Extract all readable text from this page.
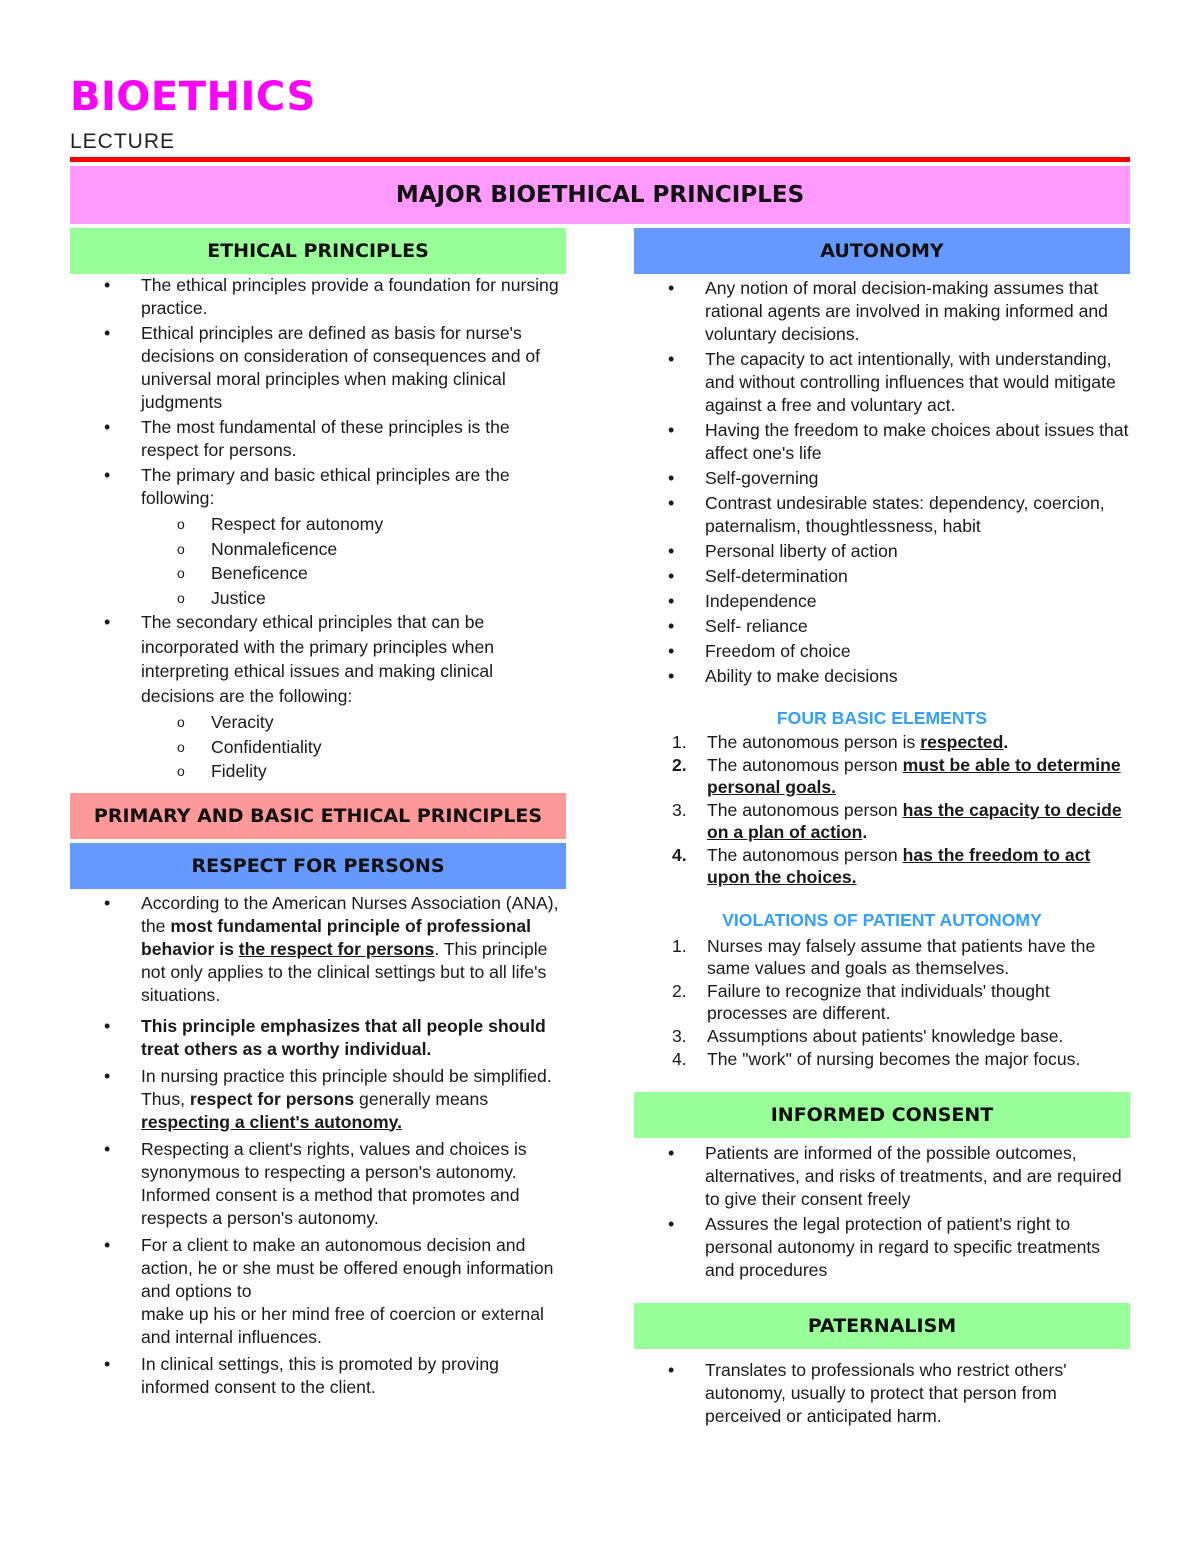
BIOETHICS
LECTURE
MAJOR BIOETHICAL PRINCIPLES
ETHICAL PRINCIPLES
• The ethical principles provide a foundation for nursing practice.
• Ethical principles are defined as basis for nurse's decisions on consideration of consequences and of universal moral principles when making clinical judgments
• The most fundamental of these principles is the respect for persons.
• The primary and basic ethical principles are the following:
o Respect for autonomy
o Nonmaleficence
o Beneficence
o Justice
• The secondary ethical principles that can be incorporated with the primary principles when interpreting ethical issues and making clinical decisions are the following:
o Veracity
o Confidentiality
o Fidelity
PRIMARY AND BASIC ETHICAL PRINCIPLES
RESPECT FOR PERSONS
• According to the American Nurses Association (ANA), the most fundamental principle of professional behavior is the respect for persons. This principle not only applies to the clinical settings but to all life's situations.
• This principle emphasizes that all people should treat others as a worthy individual.
• In nursing practice this principle should be simplified. Thus, respect for persons generally means respecting a client's autonomy.
• Respecting a client's rights, values and choices is synonymous to respecting a person's autonomy. Informed consent is a method that promotes and respects a person's autonomy.
• For a client to make an autonomous decision and action, he or she must be offered enough information and options to
make up his or her mind free of coercion or external and internal influences.
• In clinical settings, this is promoted by proving informed consent to the client.
AUTONOMY
• Any notion of moral decision-making assumes that rational agents are involved in making informed and voluntary decisions.
• The capacity to act intentionally, with understanding, and without controlling influences that would mitigate against a free and voluntary act.
• Having the freedom to make choices about issues that affect one's life
• Self-governing
• Contrast undesirable states: dependency, coercion, paternalism, thoughtlessness, habit
• Personal liberty of action
• Self-determination
• Independence
• Self- reliance
• Freedom of choice
• Ability to make decisions

FOUR BASIC ELEMENTS

1. The autonomous person is respected.
2. The autonomous person must be able to determine personal goals.
3. The autonomous person has the capacity to decide on a plan of action.
4. The autonomous person has the freedom to act upon the choices.

VIOLATIONS OF PATIENT AUTONOMY

1. Nurses may falsely assume that patients have the same values and goals as themselves.
2. Failure to recognize that individuals' thought processes are different.
3. Assumptions about patients' knowledge base.
4. The "work" of nursing becomes the major focus.
INFORMED CONSENT
• Patients are informed of the possible outcomes, alternatives, and risks of treatments, and are required to give their consent freely
• Assures the legal protection of patient's right to personal autonomy in regard to specific treatments and procedures
PATERNALISM
• Translates to professionals who restrict others' autonomy, usually to protect that person from perceived or anticipated harm.
